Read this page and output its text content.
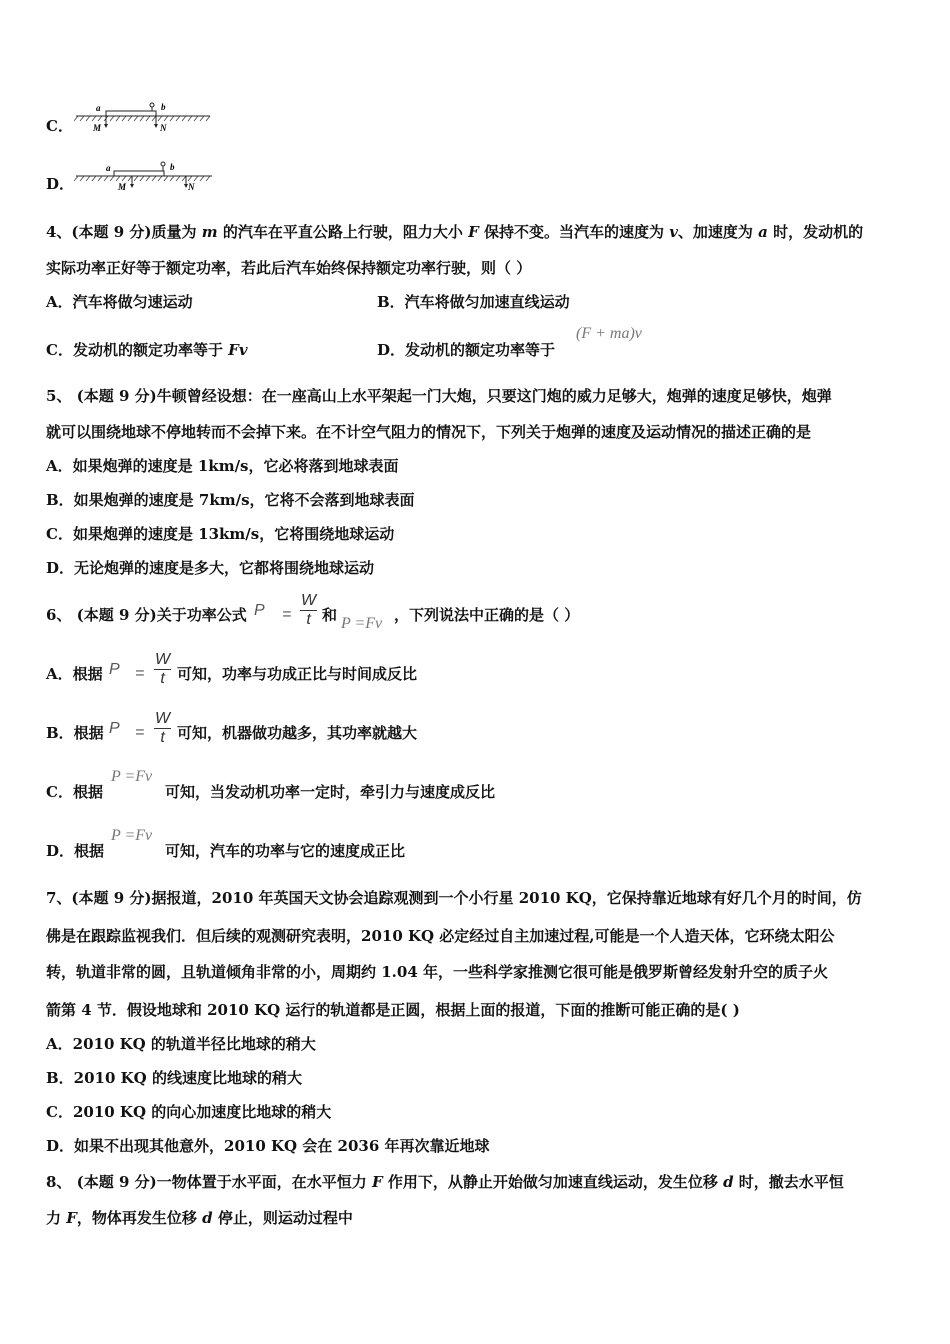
C．
a	b
M	N
D．
a	b
M	N
4、(本题 9 分)质量为 m 的汽车在平直公路上行驶，阻力大小 F 保持不变。当汽车的速度为 v、加速度为 a 时，发动机的
实际功率正好等于额定功率，若此后汽车始终保持额定功率行驶，则（ ）
A．汽车将做匀速运动	B．汽车将做匀加速直线运动
C．发动机的额定功率等于 Fv	D．发动机的额定功率等于
(F + ma)v
5、 (本题 9 分)牛顿曾经设想：在一座高山上水平架起一门大炮，只要这门炮的威力足够大，炮弹的速度足够快，炮弹
就可以围绕地球不停地转而不会掉下来。在不计空气阻力的情况下，下列关于炮弹的速度及运动情况的描述正确的是
A．如果炮弹的速度是 1km/s，它必将落到地球表面
B．如果炮弹的速度是 7km/s，它将不会落到地球表面
C．如果炮弹的速度是 13km/s，它将围绕地球运动
D．无论炮弹的速度是多大，它都将围绕地球运动
6、 (本题 9 分)关于功率公式 $P = \frac{W}{t}$ 和 P =Fv ，下列说法中正确的是（ ）
A．根据 $P = \frac{W}{t}$ 可知，功率与功成正比与时间成反比
B．根据 $P = \frac{W}{t}$ 可知，机器做功越多，其功率就越大
C．根据
P =Fv
可知，当发动机功率一定时，牵引力与速度成反比
D．根据
P =Fv
可知，汽车的功率与它的速度成正比
7、(本题 9 分)据报道，2010 年英国天文协会追踪观测到一个小行星 2010 KQ，它保持靠近地球有好几个月的时间，仿
佛是在跟踪监视我们．但后续的观测研究表明，2010 KQ 必定经过自主加速过程,可能是一个人造天体，它环绕太阳公
转，轨道非常的圆，且轨道倾角非常的小，周期约 1.04 年，一些科学家推测它很可能是俄罗斯曾经发射升空的质子火
箭第 4 节．假设地球和 2010 KQ 运行的轨道都是正圆，根据上面的报道，下面的推断可能正确的是( )
A．2010 KQ 的轨道半径比地球的稍大
B．2010 KQ 的线速度比地球的稍大
C．2010 KQ 的向心加速度比地球的稍大
D．如果不出现其他意外，2010 KQ 会在 2036 年再次靠近地球
8、 (本题 9 分)一物体置于水平面，在水平恒力 F 作用下，从静止开始做匀加速直线运动，发生位移 d 时，撤去水平恒
力 F，物体再发生位移 d 停止，则运动过程中
